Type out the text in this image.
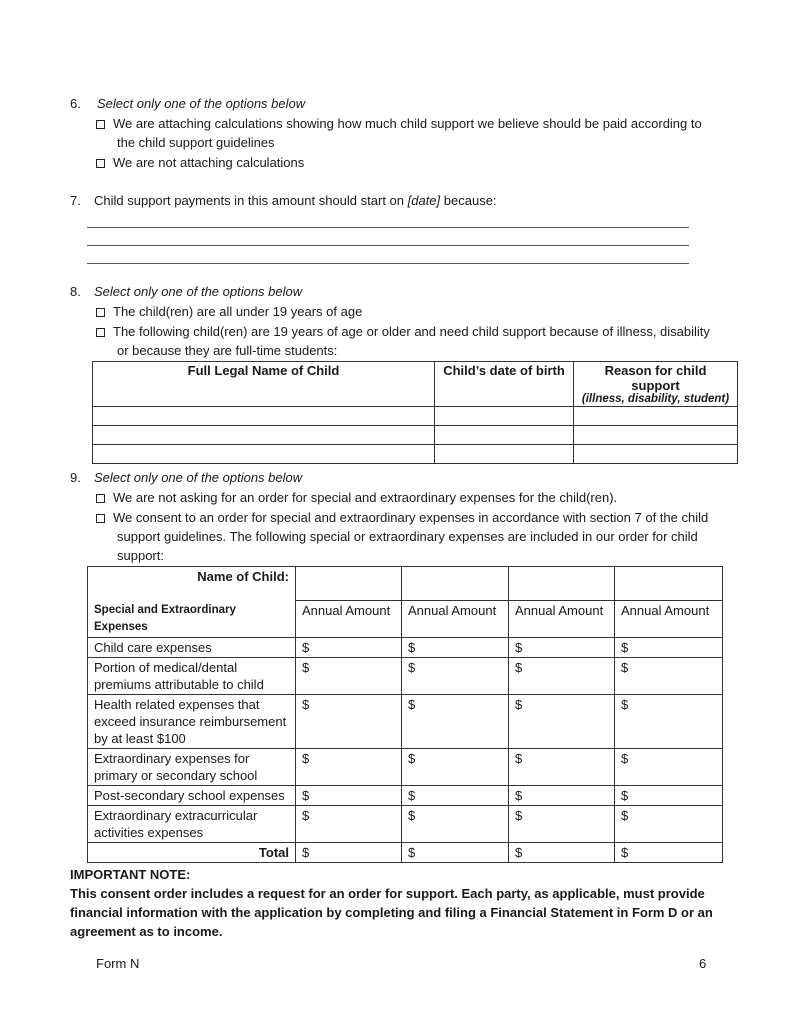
6. Select only one of the options below
We are attaching calculations showing how much child support we believe should be paid according to
the child support guidelines
We are not attaching calculations
7. Child support payments in this amount should start on [date] because:
8. Select only one of the options below
The child(ren) are all under 19 years of age
The following child(ren) are 19 years of age or older and need child support because of illness, disability
or because they are full-time students:
Full Legal Name of Child	Child’s date of birth	Reason for child support
(illness, disability, student)

9. Select only one of the options below
We are not asking for an order for special and extraordinary expenses for the child(ren).
We consent to an order for special and extraordinary expenses in accordance with section 7 of the child
support guidelines. The following special or extraordinary expenses are included in our order for child
support:
Name of Child:				
Special and Extraordinary Expenses	Annual Amount	Annual Amount	Annual Amount	Annual Amount
Child care expenses	$	$	$	$
Portion of medical/dental premiums attributable to child	$	$	$	$
Health related expenses that exceed insurance reimbursement by at least $100	$	$	$	$
Extraordinary expenses for primary or secondary school	$	$	$	$
Post-secondary school expenses	$	$	$	$
Extraordinary extracurricular activities expenses	$	$	$	$
Total	$	$	$	$
IMPORTANT NOTE:
This consent order includes a request for an order for support. Each party, as applicable, must provide
financial information with the application by completing and filing a Financial Statement in Form D or an
agreement as to income.
Form N	6
